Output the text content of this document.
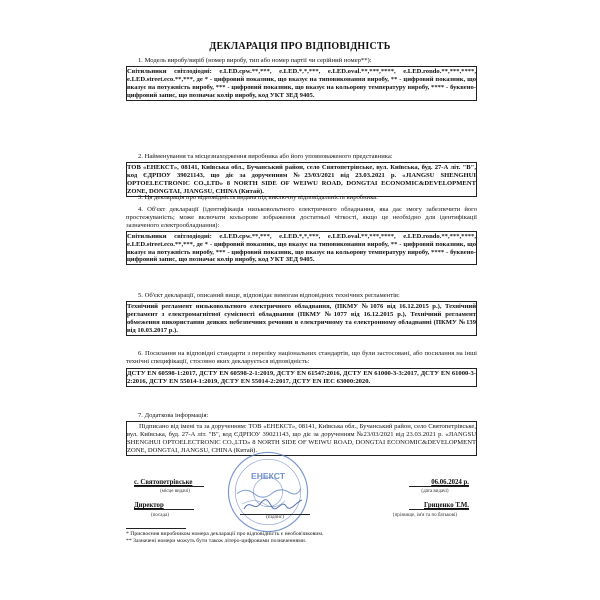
ДЕКЛАРАЦІЯ ПРО ВІДПОВІДНІСТЬ

1. Модель виробу/виріб (номер виробу, тип або номер партії чи серійний номер**):

Світильники світлодіодні: e.LED.cpw.**,***, e.LED.*,*,***, e.LED.oval.**,***,****, e.LED.rondo.**,***,****, e.LED.street.eco.**,***, де * - цифровий показник, що вказує на типовиконання виробу, ** - цифровий показник, що вказує на потужність виробу, *** - цифровий показник, що вказує на кольорову температуру виробу, **** - буквено-цифровий запис, що позначає колір виробу, код УКТ ЗЕД 9405.

2. Найменування та місцезнаходження виробника або його уповноваженого представника:

ТОВ «ЕНЕКСТ», 08141, Київська обл., Бучанський район, село Святопетрівське, вул. Київська, буд. 27-А літ. "В", код ЄДРПОУ 39021143, що діє за дорученням №23/03/2021 від 23.03.2021 р. «JIANGSU SHENGHUI OPTOELECTRONIC CO.,LTD» 8 NORTH SIDE OF WEIWU ROAD, DONGTAI ECONOMIC&DEVELOPMENT ZONE, DONGTAI, JIANGSU, CHINA (Китай).

3. Ця декларація про відповідність видана під виключну відповідальність виробника.

4. Об'єкт декларації (ідентифікація низьковольтного електричного обладнання, яка дає змогу забезпечити його простежуваність; може включати кольорове зображення достатньої чіткості, якщо це необхідно для ідентифікації зазначеного електрообладнання):

Світильники світлодіодні: e.LED.cpw.**,***, e.LED.*,*,***, e.LED.oval.**,***,****, e.LED.rondo.**,***,****, e.LED.street.eco.**,***, де * - цифровий показник, що вказує на типовиконання виробу, ** - цифровий показник, що вказує на потужність виробу, *** - цифровий показник, що вказує на кольорову температуру виробу, **** - буквено-цифровий запис, що позначає колір виробу, код УКТ ЗЕД 9405.

5. Об'єкт декларації, описаний вище, відповідає вимогам відповідних технічних регламентів:

Технічний регламент низьковольтного електричного обладнання, (ПКМУ №1076 від 16.12.2015 р.), Технічний регламент з електромагнітної сумісності обладнання (ПКМУ №1077 від 16.12.2015 р.), Технічний регламент обмеження використання деяких небезпечних речовин в електричному та електронному обладнанні (ПКМУ №139 від 10.03.2017 р.).

6. Посилання на відповідні стандарти з переліку національних стандартів, що були застосовані, або посилання на інші технічні специфікації, стосовно яких декларується відповідність:

ДСТУ EN 60598-1:2017, ДСТУ EN 60598-2-1:2019, ДСТУ EN 61547:2016, ДСТУ EN 61000-3-3:2017, ДСТУ EN 61000-3-2:2016, ДСТУ EN 55014-1:2019, ДСТУ EN 55014-2:2017, ДСТУ EN IEC 63000:2020.

7. Додаткова інформація:

Підписано від імені та за дорученням: ТОВ «ЕНЕКСТ», 08141, Київська обл., Бучанський район, село Святопетрівське, вул. Київська, буд. 27-А літ. "В", код ЄДРПОУ 39021143, що діє за дорученням №23/03/2021 від 23.03.2021 р. «JIANGSU SHENGHUI OPTOELECTRONIC CO.,LTD» 8 NORTH SIDE OF WEIWU ROAD, DONGTAI ECONOMIC&DEVELOPMENT ZONE, DONGTAI, JIANGSU, CHINA (Китай).

ЕНЕКСТ
с. Святопетрівське	06.06.2024 р.
(місце видачі)	(дата видачі)
Директор	Гриценко Т.М.
(посада)	(підпис)	(прізвище, ім'я та по батькові)
* Присвоєння виробником номера декларації про відповідність є необов'язковим.
** Зазначені номери можуть бути також літеро-цифровими позначеннями.
